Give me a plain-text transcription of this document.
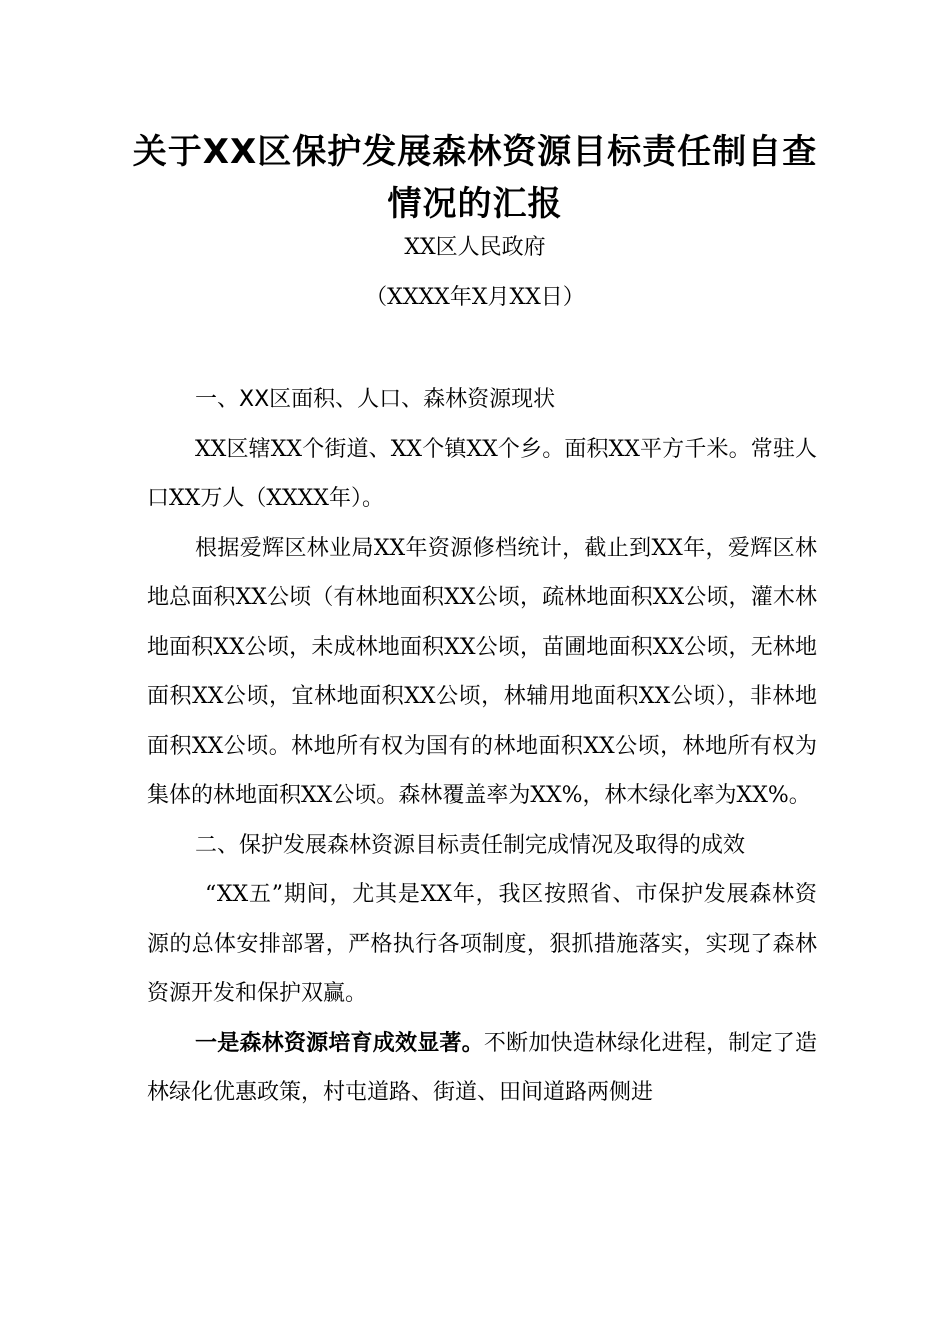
关于XX区保护发展森林资源目标责任制自查情况的汇报
XX区人民政府
（XXXX年X月XX日）
一、XX区面积、人口、森林资源现状

XX区辖XX个街道、XX个镇XX个乡。面积XX平方千米。常驻人口XX万人（XXXX年）。

根据爱辉区林业局XX年资源修档统计，截止到XX年，爱辉区林地总面积XX公顷（有林地面积XX公顷，疏林地面积XX公顷，灌木林地面积XX公顷，未成林地面积XX公顷，苗圃地面积XX公顷，无林地面积XX公顷，宜林地面积XX公顷，林辅用地面积XX公顷），非林地面积XX公顷。林地所有权为国有的林地面积XX公顷，林地所有权为集体的林地面积XX公顷。森林覆盖率为XX%，林木绿化率为XX%。

二、保护发展森林资源目标责任制完成情况及取得的成效

“XX五”期间，尤其是XX年，我区按照省、市保护发展森林资源的总体安排部署，严格执行各项制度，狠抓措施落实，实现了森林资源开发和保护双赢。

一是森林资源培育成效显著。不断加快造林绿化进程，制定了造林绿化优惠政策，村屯道路、街道、田间道路两侧进
